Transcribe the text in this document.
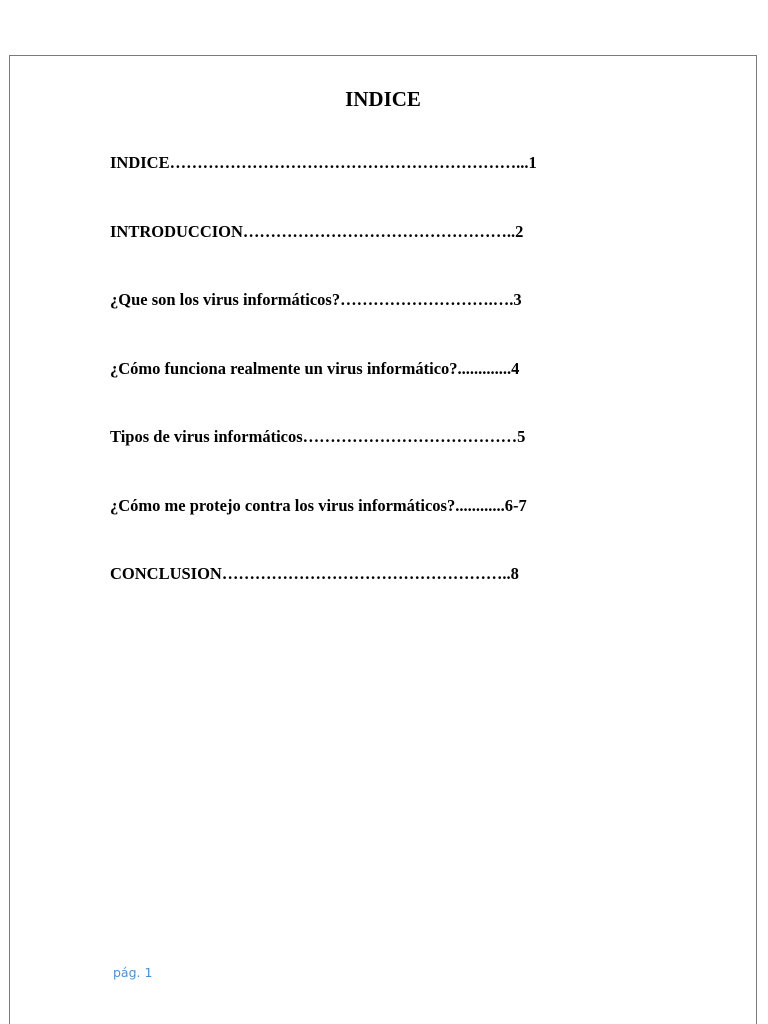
INDICE
INDICE………………………………………………………...1
INTRODUCCION…………………………………………..2
¿Que son los virus informáticos?……………………….….3
¿Cómo funciona realmente un virus informático?.............4
Tipos de virus informáticos…………………………………5
¿Cómo me protejo contra los virus informáticos?............6-7
CONCLUSION……………………………………………..8
pág. 1
